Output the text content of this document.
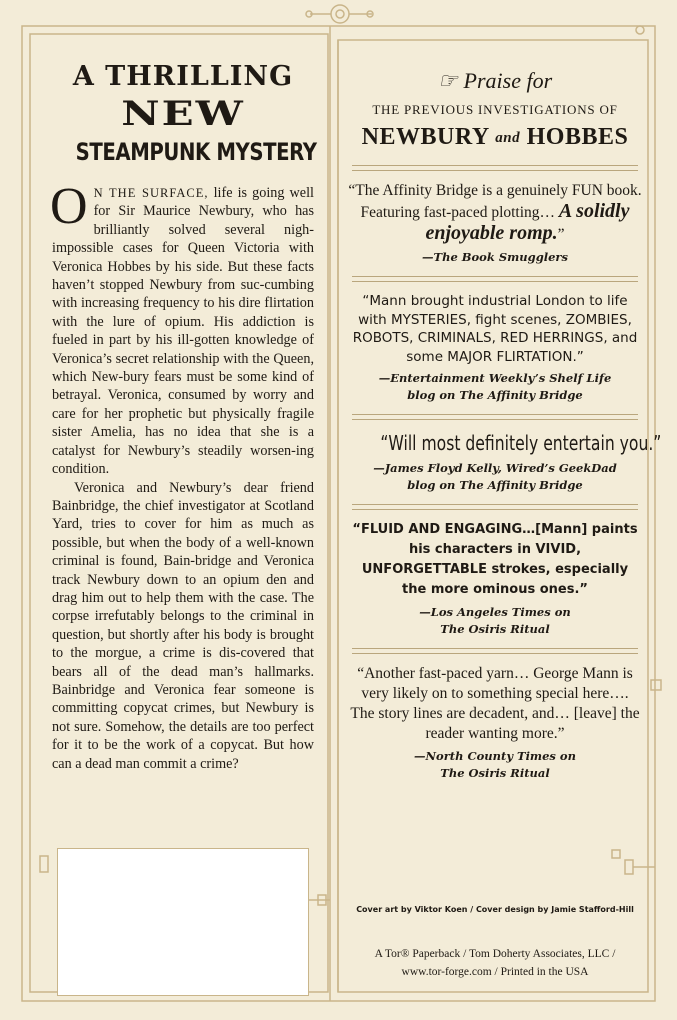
A THRILLING
NEW
STEAMPUNK MYSTERY

O N THE SURFACE, life is going well for Sir Maurice Newbury, who has brilliantly solved several nigh-impossible cases for Queen Victoria with Veronica Hobbes by his side. But these facts haven’t stopped Newbury from suc-cumbing with increasing frequency to his dire flirtation with the lure of opium. His addiction is fueled in part by his ill-gotten knowledge of Veronica’s secret relationship with the Queen, which New-bury fears must be some kind of betrayal. Veronica, consumed by worry and care for her prophetic but physically fragile sister Amelia, has no idea that she is a catalyst for Newbury’s steadily worsen-ing condition.

Veronica and Newbury’s dear friend Bainbridge, the chief investigator at Scotland Yard, tries to cover for him as much as possible, but when the body of a well-known criminal is found, Bain-bridge and Veronica track Newbury down to an opium den and drag him out to help them with the case. The corpse irrefutably belongs to the criminal in question, but shortly after his body is brought to the morgue, a crime is dis-covered that bears all of the dead man’s hallmarks. Bainbridge and Veronica fear someone is committing copycat crimes, but Newbury is not sure. Somehow, the details are too perfect for it to be the work of a copycat. But how can a dead man commit a crime?

☞ Praise for
THE PREVIOUS INVESTIGATIONS OF
NEWBURY and HOBBES
“The Affinity Bridge is a genuinely FUN book. Featuring fast-paced plotting… A solidly enjoyable romp.”
—The Book Smugglers
“Mann brought industrial London to life with MYSTERIES, fight scenes, ZOMBIES, ROBOTS, CRIMINALS, RED HERRINGS, and some MAJOR FLIRTATION.”
—Entertainment Weekly’s Shelf Life
blog on The Affinity Bridge
“Will most definitely entertain you.”
—James Floyd Kelly, Wired’s GeekDad
blog on The Affinity Bridge
“FLUID AND ENGAGING…[Mann] paints his characters in VIVID, UNFORGETTABLE strokes, especially the more ominous ones.”
—Los Angeles Times on
The Osiris Ritual
“Another fast-paced yarn… George Mann is very likely on to something special here…. The story lines are decadent, and… [leave] the reader wanting more.”
—North County Times on
The Osiris Ritual
Cover art by Viktor Koen / Cover design by Jamie Stafford-Hill
A Tor® Paperback / Tom Doherty Associates, LLC /
www.tor-forge.com / Printed in the USA
